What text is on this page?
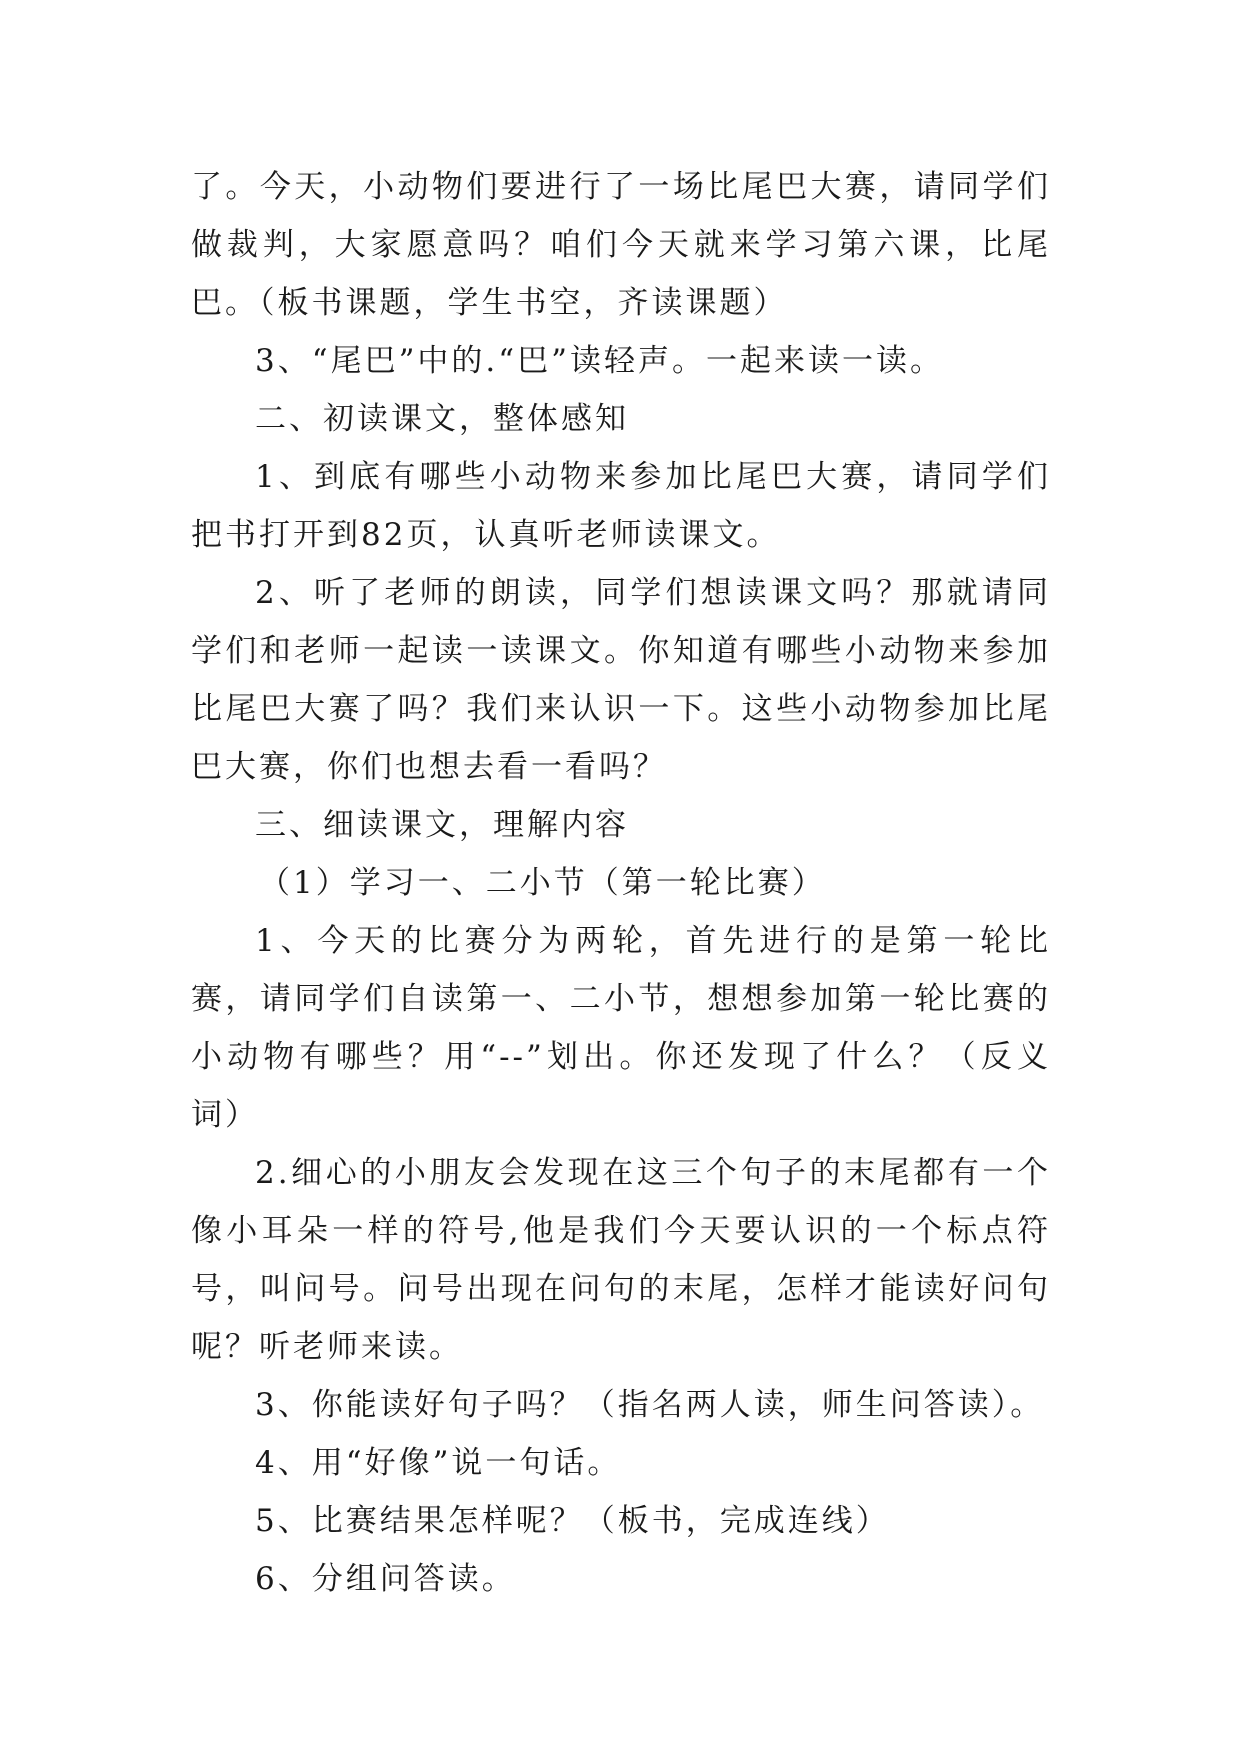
了。今天，小动物们要进行了一场比尾巴大赛，请同学们做裁判，大家愿意吗？咱们今天就来学习第六课，比尾巴。（板书课题，学生书空，齐读课题）

3、“尾巴”中的.“巴”读轻声。一起来读一读。

二、初读课文，整体感知

1、到底有哪些小动物来参加比尾巴大赛，请同学们把书打开到82页，认真听老师读课文。

2、听了老师的朗读，同学们想读课文吗？那就请同学们和老师一起读一读课文。你知道有哪些小动物来参加比尾巴大赛了吗？我们来认识一下。这些小动物参加比尾巴大赛，你们也想去看一看吗？

三、细读课文，理解内容

（1）学习一、二小节（第一轮比赛）

1、今天的比赛分为两轮，首先进行的是第一轮比赛，请同学们自读第一、二小节，想想参加第一轮比赛的小动物有哪些？用“--”划出。你还发现了什么？（反义词）

2.细心的小朋友会发现在这三个句子的末尾都有一个像小耳朵一样的符号,他是我们今天要认识的一个标点符号，叫问号。问号出现在问句的末尾，怎样才能读好问句呢？听老师来读。

3、你能读好句子吗？（指名两人读，师生问答读）。

4、用“好像”说一句话。

5、比赛结果怎样呢？（板书，完成连线）

6、分组问答读。
